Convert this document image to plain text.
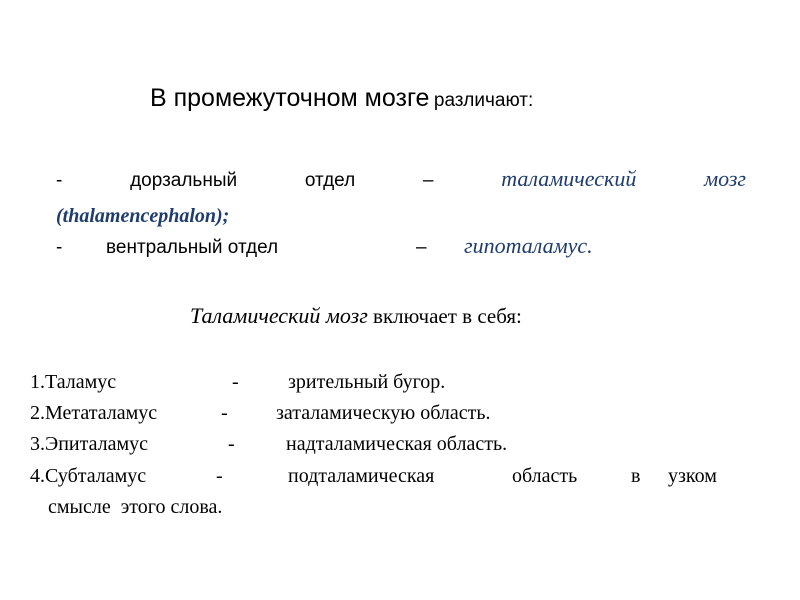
В промежуточном мозге различают:
-	дорзальный	отдел	–	таламический	мозг
(thalamencephalon);
- вентральный отдел	– гипоталамус.
Таламический мозг включает в себя:
1.Таламус	- зрительный бугор.
2.Метаталамус	- заталамическую область.
3.Эпиталамус	-	надталамическая область.
4.Субталамус	-	подталамическая	область	в узком
смысле  этого слова.
